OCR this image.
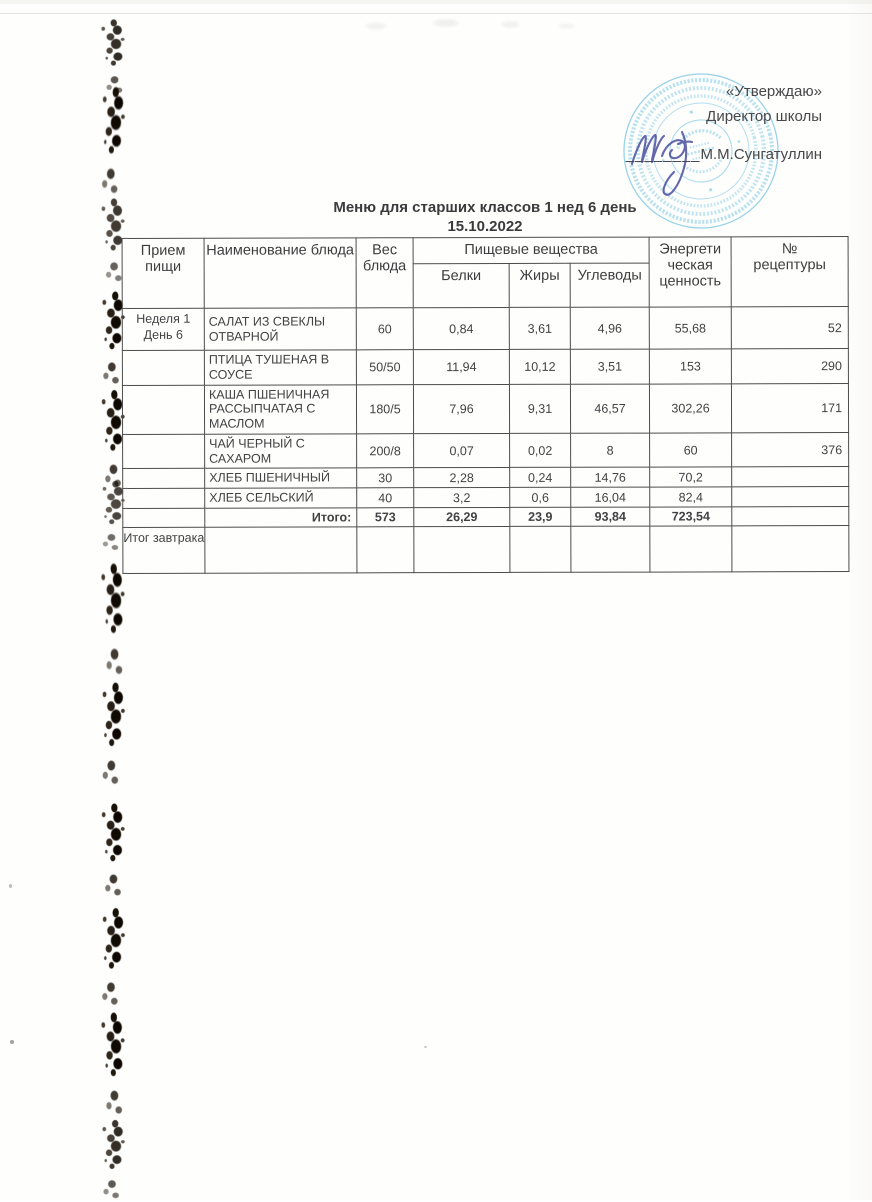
«Утверждаю»
Директор школы
________М.М.Сунгатуллин
Меню для старших классов 1 нед 6 день
15.10.2022
Прием пищи	Наименование блюда	Вес блюда	Пищевые вещества			Энергети ческая ценность	№ рецептуры
			Белки	Жиры	Углеводы		
Неделя 1 День 6	САЛАТ ИЗ СВЕКЛЫ ОТВАРНОЙ	60	0,84	3,61	4,96	55,68	52
	ПТИЦА ТУШЕНАЯ В СОУСЕ	50/50	11,94	10,12	3,51	153	290
	КАША ПШЕНИЧНАЯ РАССЫПЧАТАЯ С МАСЛОМ	180/5	7,96	9,31	46,57	302,26	171
	ЧАЙ ЧЕРНЫЙ С САХАРОМ	200/8	0,07	0,02	8	60	376
	ХЛЕБ ПШЕНИЧНЫЙ	30	2,28	0,24	14,76	70,2	
	ХЛЕБ СЕЛЬСКИЙ	40	3,2	0,6	16,04	82,4	
	Итого:	573	26,29	23,9	93,84	723,54	
Итог завтрака							
